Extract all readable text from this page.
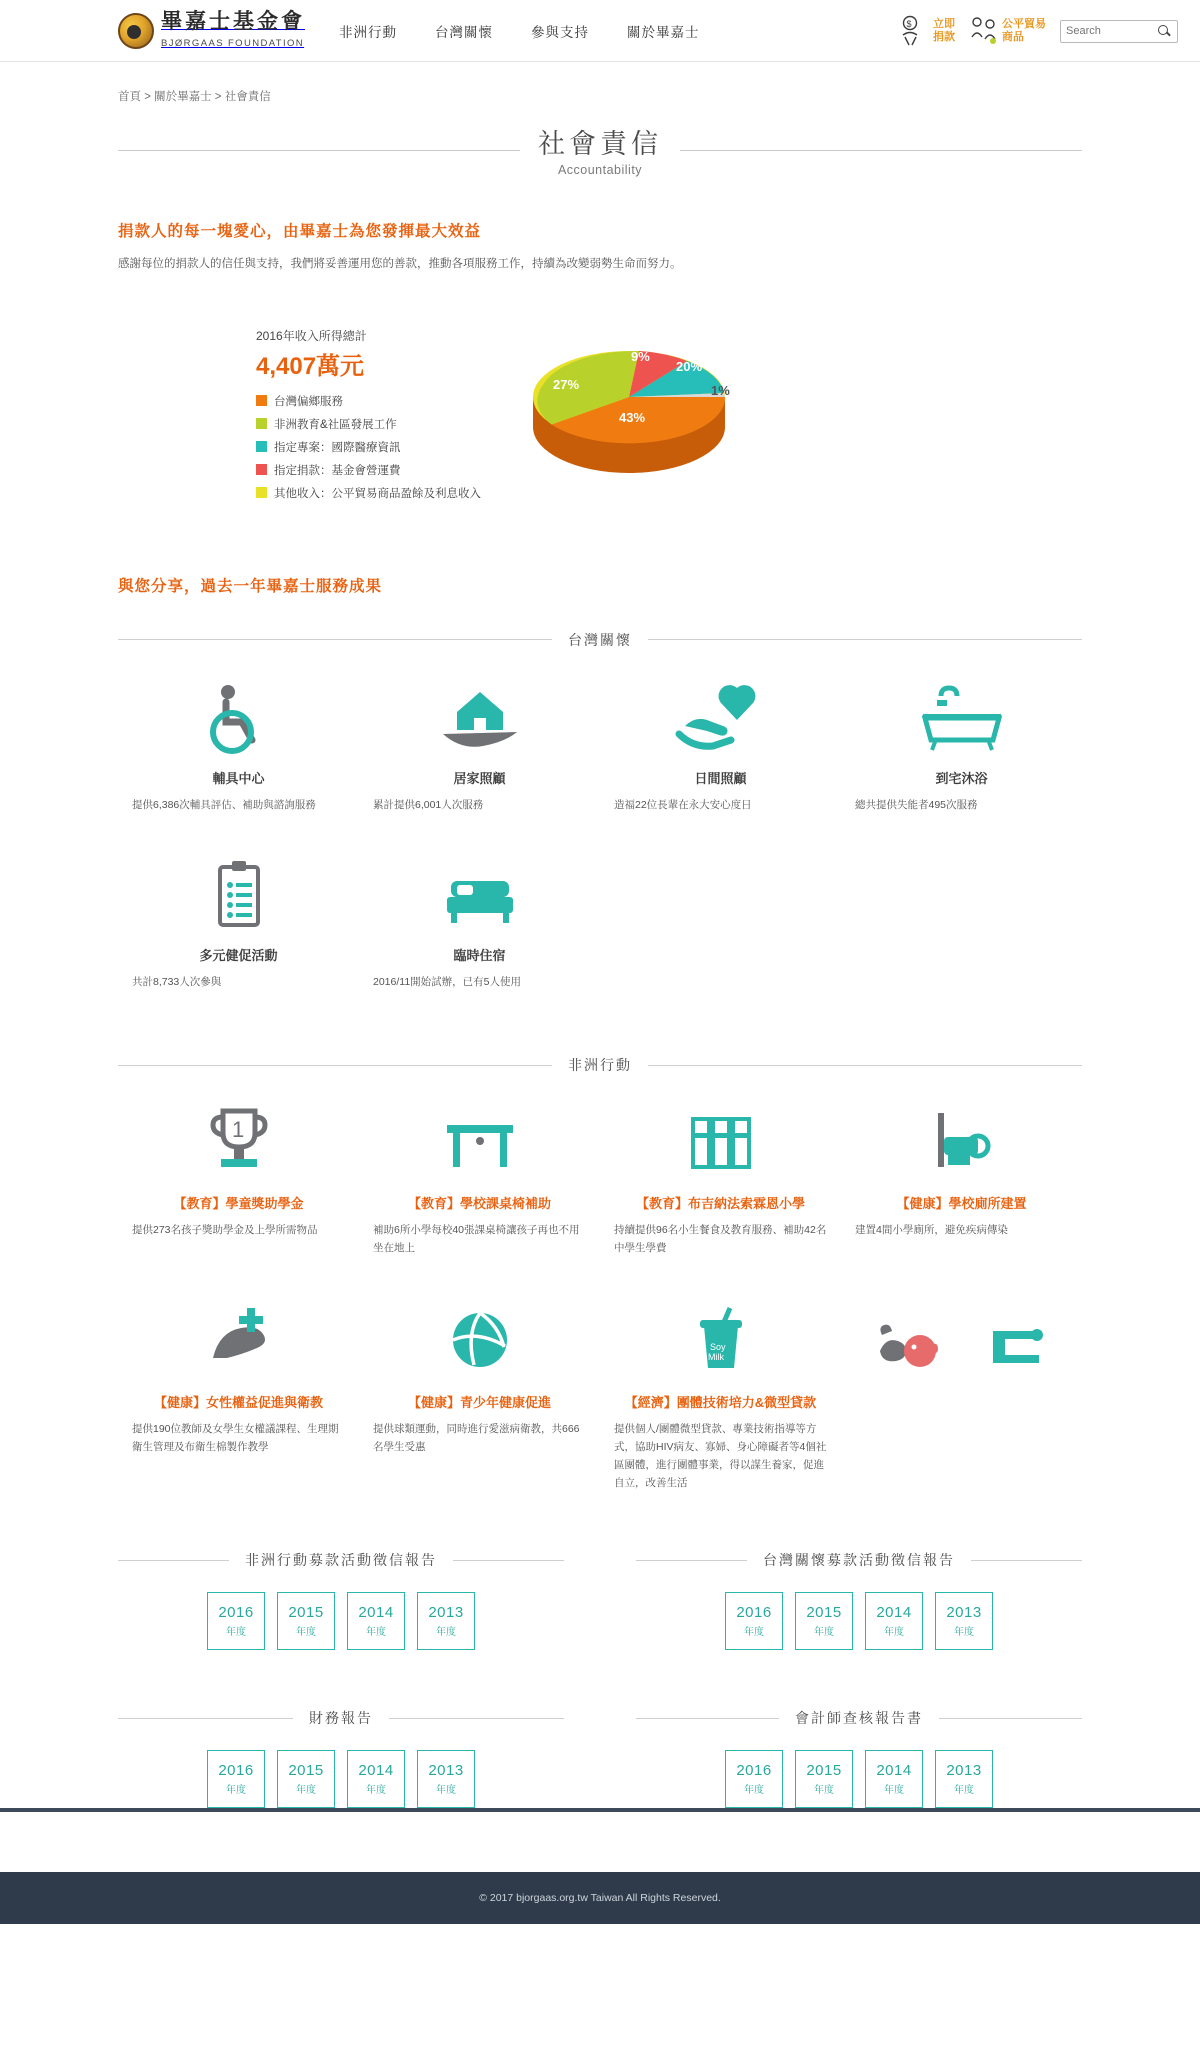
畢嘉士基金會
BJØRGAAS FOUNDATION
非洲行動	台灣關懷	參與支持	關於畢嘉士
$ 立即
捐款
公平貿易
商品
Search
首頁 > 關於畢嘉士 > 社會責信
社會責信
Accountability
捐款人的每一塊愛心，由畢嘉士為您發揮最大效益
感謝每位的捐款人的信任與支持，我們將妥善運用您的善款，推動各項服務工作，持續為改變弱勢生命而努力。
2016年收入所得總計
4,407萬元
台灣偏鄉服務
非洲教育&社區發展工作
指定專案：國際醫療資訊
指定捐款：基金會營運費
其他收入：公平貿易商品盈餘及利息收入
9%
20%
1%
43%
27%
與您分享，過去一年畢嘉士服務成果
台灣關懷
輔具中心
提供6,386次輔具評估、補助與諮詢服務
居家照顧
累計提供6,001人次服務
日間照顧
造福22位長輩在永大安心度日
到宅沐浴
總共提供失能者495次服務
多元健促活動
共計8,733人次參與
臨時住宿
2016/11開始試辦，已有5人使用
非洲行動
1
【教育】學童獎助學金
提供273名孩子獎助學金及上學所需物品
【教育】學校課桌椅補助
補助6所小學每校40張課桌椅讓孩子再也不用坐在地上
【教育】布吉納法索霖恩小學
持續提供96名小生餐食及教育服務、補助42名中學生學費
【健康】學校廁所建置
建置4間小學廁所，避免疾病傳染
【健康】女性權益促進與衛教
提供190位教師及女學生女權議課程、生理期衛生管理及布衛生棉製作教學
【健康】青少年健康促進
提供球類運動，同時進行愛滋病衛教，共666名學生受惠
Soy
Milk
【經濟】團體技術培力&微型貸款
提供個人/團體微型貸款、專業技術指導等方式，協助HIV病友、寡婦、身心障礙者等4個社區團體，進行團體事業，得以謀生養家，促進自立，改善生活
非洲行動募款活動徵信報告
2016
年度
2015
年度
2014
年度
2013
年度
台灣關懷募款活動徵信報告
2016
年度
2015
年度
2014
年度
2013
年度
財務報告
2016
年度
2015
年度
2014
年度
2013
年度
會計師查核報告書
2016
年度
2015
年度
2014
年度
2013
年度
© 2017 bjorgaas.org.tw Taiwan All Rights Reserved.
